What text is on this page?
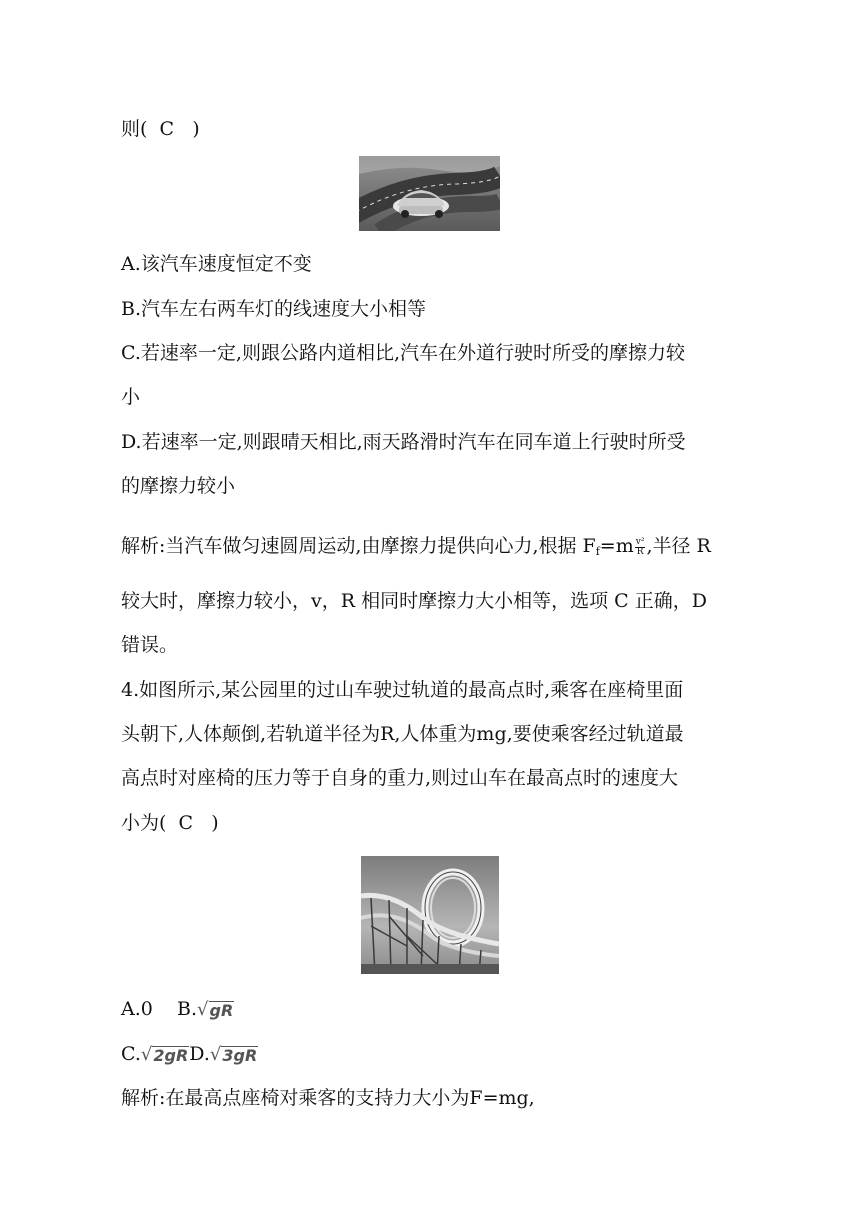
则( C )
A.该汽车速度恒定不变
B.汽车左右两车灯的线速度大小相等
C.若速率一定,则跟公路内道相比,汽车在外道行驶时所受的摩擦力较
小
D.若速率一定,则跟晴天相比,雨天路滑时汽车在同车道上行驶时所受
的摩擦力较小
解析:当汽车做匀速圆周运动,由摩擦力提供向心力,根据 $F_f=m \frac{\text{v²}}{R}$ ,半径 R
较大时，摩擦力较小，v，R 相同时摩擦力大小相等，选项 C 正确，D
错误。
4.如图所示,某公园里的过山车驶过轨道的最高点时,乘客在座椅里面
头朝下,人体颠倒,若轨道半径为R,人体重为mg,要使乘客经过轨道最
高点时对座椅的压力等于自身的重力,则过山车在最高点时的速度大
小为( C )
A.0 B. √ gR
C. √ 2gR D. √ 3gR
解析:在最高点座椅对乘客的支持力大小为F=mg,
